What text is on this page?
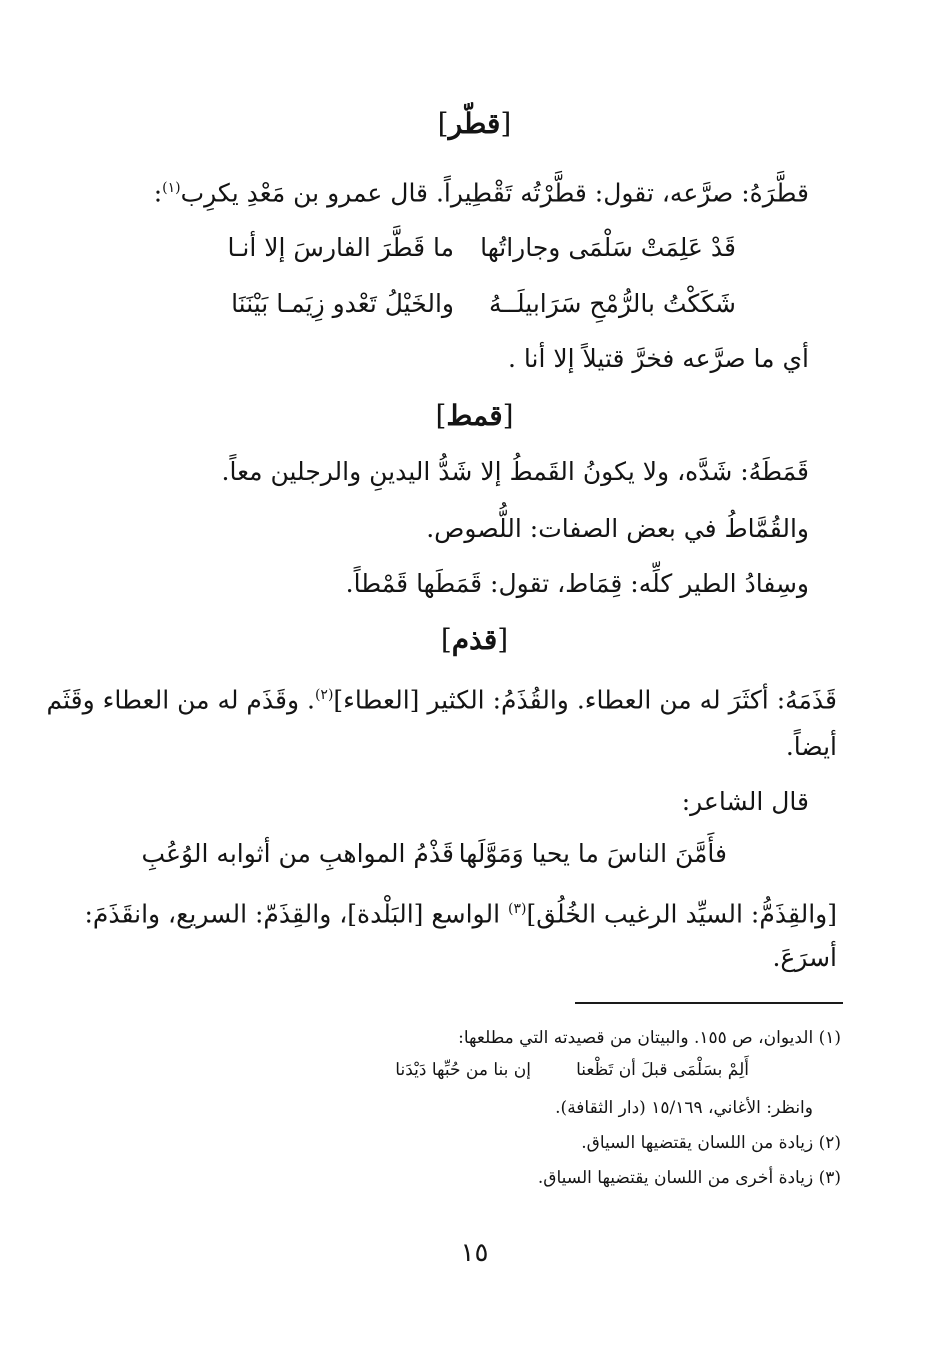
[قطّر]
قطَّرَهُ: صرَّعه، تقول: قطَّرْتُه تَقْطِيراً. قال عمرو بن مَعْدِ يكرِب$^{(١)}$:
قَدْ عَلِمَتْ سَلْمَى وجاراتُها
ما قَطَّرَ الفارسَ إلا أنـا
شَكَكْتُ بالرُّمْحِ سَرَابيلَــهُ
والخَيْلُ تَعْدو زِيَمـا بَيْنَنَا
أي ما صرَّعه فخرَّ قتيلاً إلا أنا .
[قمط]
قَمَطَهُ: شَدَّه، ولا يكونُ القَمطُ إلا شَدُّ اليدينِ والرجلين معاً.
والقُمَّاطُ في بعض الصفات: اللُّصوص.
وسِفادُ الطير كلِّه: قِمَاط، تقول: قَمَطَها قَمْطاً.
[قذم]
قَذَمَهُ: أكثَرَ له من العطاء. والقُذَمُ: الكثير [العطاء]$^{(٢)}$. وقَذَم له من العطاء وقَثَم
أيضاً.
قال الشاعر:
فأَمَّنَ الناسَ ما يحيا وَمَوَّلَها
قَذْمُ المواهبِ من أثوابه الوُعُبِ
[والقِذَمُّ: السيِّد الرغيب الخُلُق]$^{(٣)}$ الواسع [البَلْدة]، والقِذَمّ: السريع، وانقَذَمَ:
أسرَعَ.
(١) الديوان، ص ١٥٥. والبيتان من قصيدته التي مطلعها:
أَلِمْ بسَلْمَى قبلَ أن تَظْعنا
إن بنا من حُبِّها دَيْدَنا
وانظر: الأغاني، ١٥/١٦٩ (دار الثقافة).
(٢) زيادة من اللسان يقتضيها السياق.
(٣) زيادة أخرى من اللسان يقتضيها السياق.
١٥
